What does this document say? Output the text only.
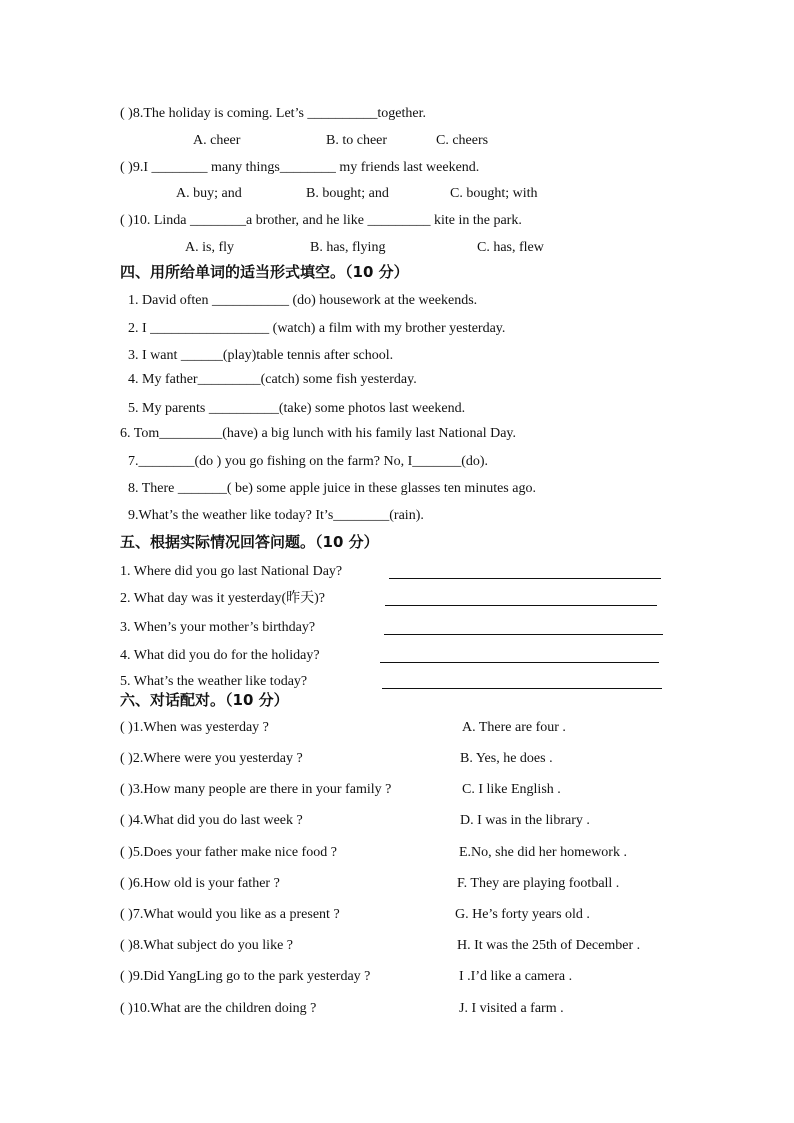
( )8.The holiday is coming. Let’s __________together.
A. cheer	B. to cheer	C. cheers
( )9.I ________ many things________ my friends last weekend.
A. buy; and	B. bought; and	C. bought; with
( )10. Linda ________a brother, and he like _________ kite in the park.
A. is, fly	B. has, flying	C. has, flew
四、用所给单词的适当形式填空。（10 分）
1. David often ___________ (do) housework at the weekends.
2. I _________________ (watch) a film with my brother yesterday.
3. I want ______(play)table tennis after school.
4. My father_________(catch) some fish yesterday.
5. My parents __________(take) some photos last weekend.
6. Tom_________(have) a big lunch with his family last National Day.
7.________(do ) you go fishing on the farm? No, I_______(do).
8. There _______( be) some apple juice in these glasses ten minutes ago.
9.What’s the weather like today? It’s________(rain).
五、根据实际情况回答问题。（10 分）
1. Where did you go last National Day?
2. What day was it yesterday(昨天)?
3. When’s your mother’s birthday?
4. What did you do for the holiday?
5. What’s the weather like today?
六、对话配对。（10 分）
( )1.When was yesterday ?	A. There are four .
( )2.Where were you yesterday ?	B. Yes, he does .
( )3.How many people are there in your family ?	C. I like English .
( )4.What did you do last week ?	D. I was in the library .
( )5.Does your father make nice food ?	E.No, she did her homework .
( )6.How old is your father ?	F. They are playing football .
( )7.What would you like as a present ?	G. He’s forty years old .
( )8.What subject do you like ?	H. It was the 25th of December .
( )9.Did YangLing go to the park yesterday ?	I .I’d like a camera .
( )10.What are the children doing ?	J. I visited a farm .
